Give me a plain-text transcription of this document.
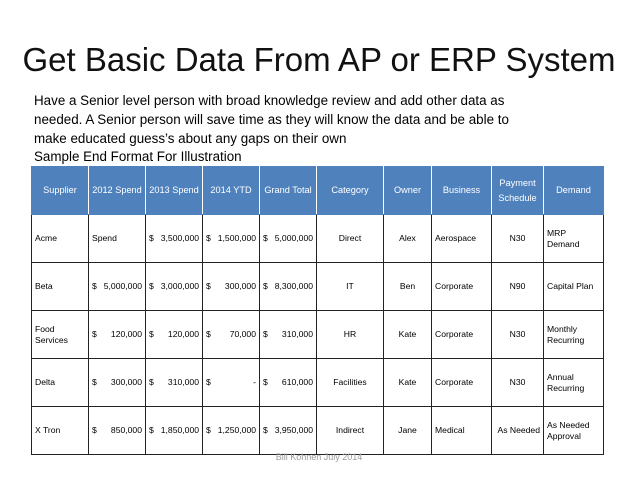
Get Basic Data From AP or ERP System

Have a Senior level person with broad knowledge review and add other data as

needed. A Senior person will save time as they will know the data and be able to

make educated guess’s about any gaps on their own

Sample End Format For Illustration
Supplier	2012 Spend	2013 Spend	2014 YTD	Grand Total	Category	Owner	Business	Payment Schedule	Demand
Acme	Spend	$ 3,500,000	$ 1,500,000	$ 5,000,000	Direct	Alex	Aerospace	N30	MRP Demand
Beta	$ 5,000,000	$ 3,000,000	$ 300,000	$ 8,300,000	IT	Ben	Corporate	N90	Capital Plan
Food Services	$ 120,000	$ 120,000	$ 70,000	$ 310,000	HR	Kate	Corporate	N30	Monthly Recurring
Delta	$ 300,000	$ 310,000	$ -	$ 610,000	Facilities	Kate	Corporate	N30	Annual Recurring
X Tron	$ 850,000	$ 1,850,000	$ 1,250,000	$ 3,950,000	Indirect	Jane	Medical	As Needed	As Needed Approval
Bill Kohnen July 2014
